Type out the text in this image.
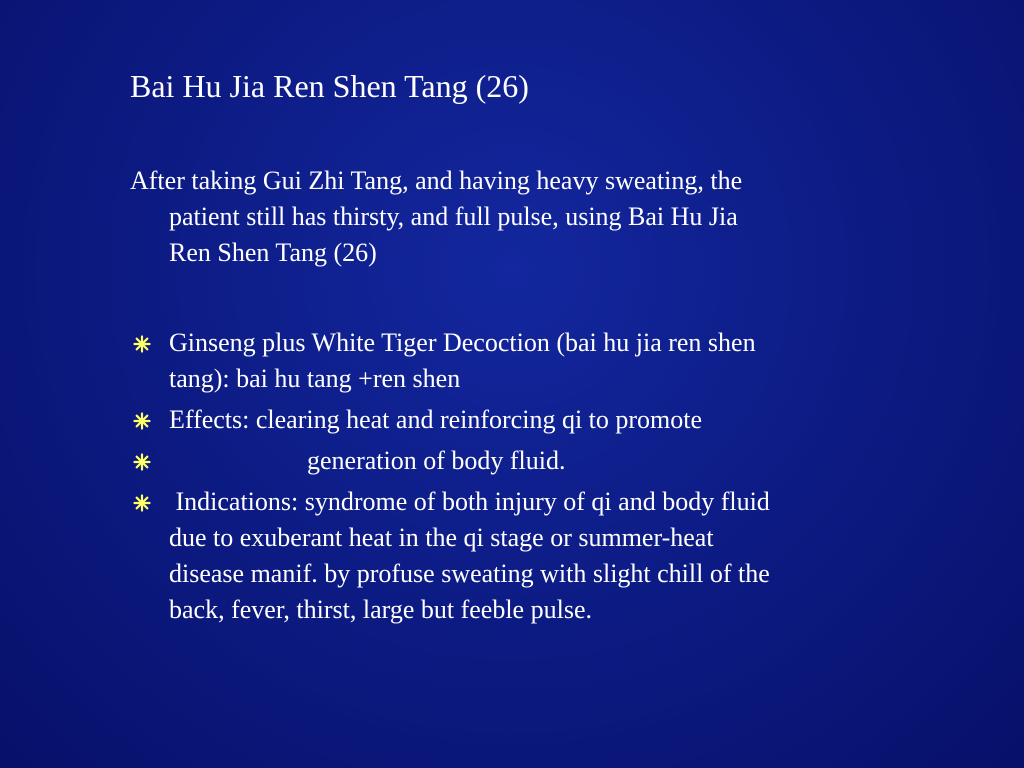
Bai Hu Jia Ren Shen Tang (26)
After taking Gui Zhi Tang, and having heavy sweating, the
patient still has thirsty, and full pulse, using Bai Hu Jia
Ren Shen Tang (26)
Ginseng plus White Tiger Decoction (bai hu jia ren shen
tang): bai hu tang +ren shen
Effects: clearing heat and reinforcing qi to promote
generation of body fluid.
Indications: syndrome of both injury of qi and body fluid
due to exuberant heat in the qi stage or summer-heat
disease manif. by profuse sweating with slight chill of the
back, fever, thirst, large but feeble pulse.
